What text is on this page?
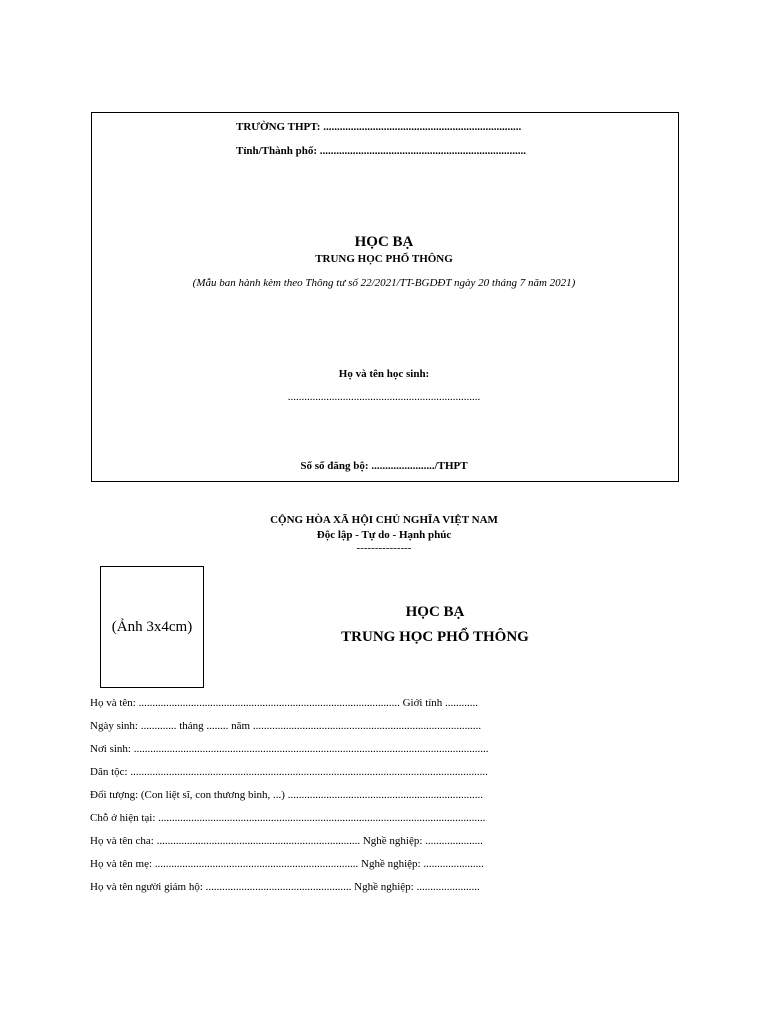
TRƯỜNG THPT: ........................................................................
Tỉnh/Thành phố: ...........................................................................
HỌC BẠ
TRUNG HỌC PHỔ THÔNG
(Mẫu ban hành kèm theo Thông tư số 22/2021/TT-BGDĐT ngày 20 tháng 7 năm 2021)
Họ và tên học sinh:
......................................................................
Số sổ đăng bộ: ......................./THPT
CỘNG HÒA XÃ HỘI CHỦ NGHĨA VIỆT NAM
Độc lập - Tự do - Hạnh phúc
---------------
(Ảnh 3x4cm)
HỌC BẠ
TRUNG HỌC PHỔ THÔNG
Họ và tên: ............................................................................................... Giới tính ............
Ngày sinh: ............. tháng ........ năm ...................................................................................
Nơi sinh: .................................................................................................................................
Dân tộc: ..................................................................................................................................
Đối tượng: (Con liệt sĩ, con thương binh, ...) .......................................................................
Chỗ ở hiện tại: .......................................................................................................................
Họ và tên cha: .......................................................................... Nghề nghiệp: .....................
Họ và tên mẹ: .......................................................................... Nghề nghiệp: ......................
Họ và tên người giám hộ: ..................................................... Nghề nghiệp: .......................
